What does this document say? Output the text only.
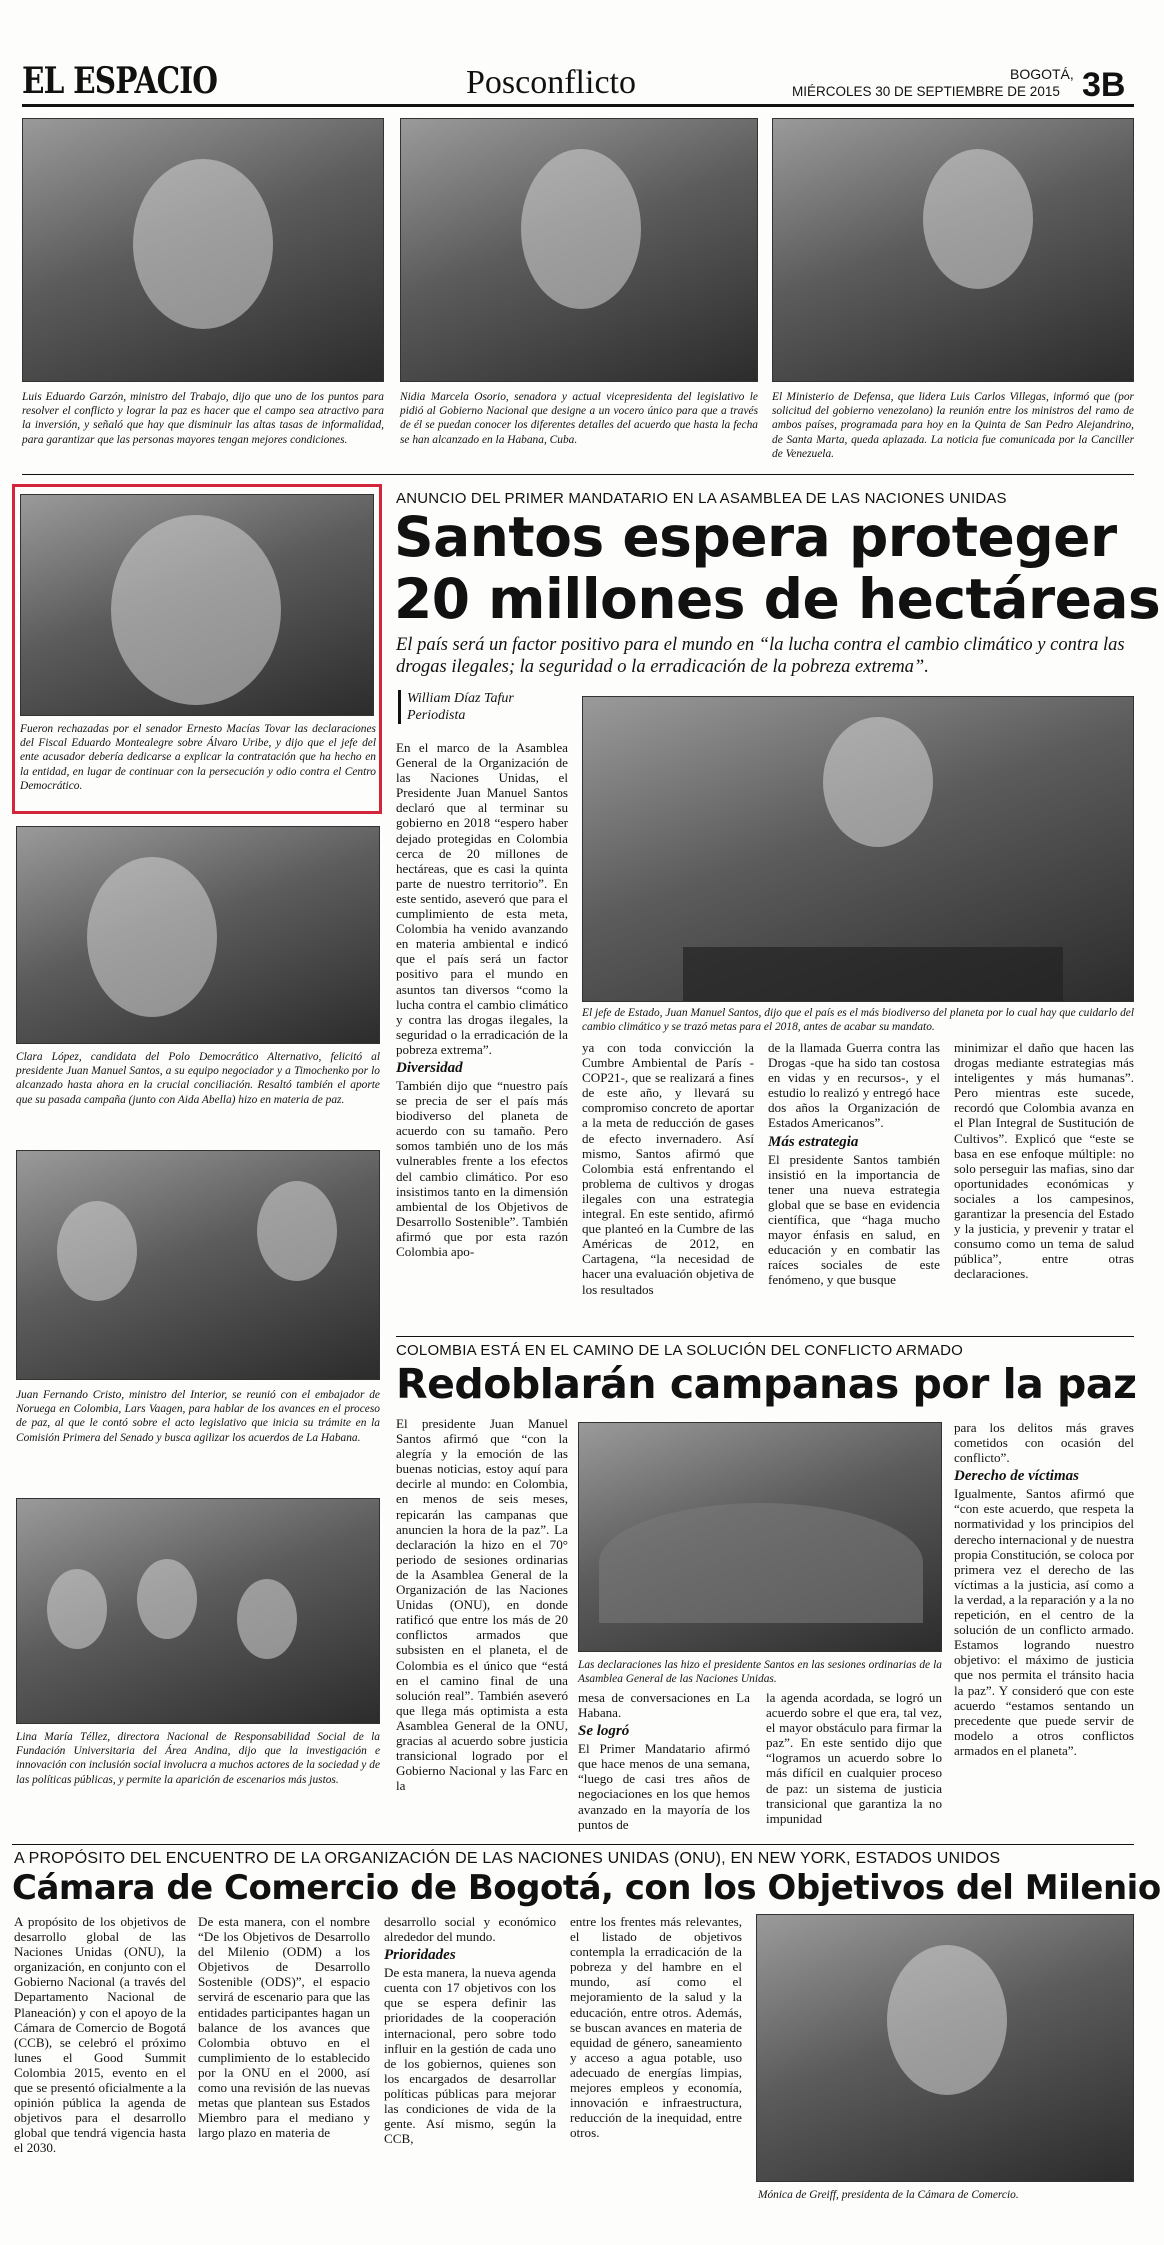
EL ESPACIO	Posconflicto	BOGOTÁ,
MIÉRCOLES 30 DE SEPTIEMBRE DE 2015 3B
Luis Eduardo Garzón, ministro del Trabajo, dijo que uno de los puntos para resolver el conflicto y lograr la paz es hacer que el campo sea atractivo para la inversión, y señaló que hay que disminuir las altas tasas de informalidad, para garantizar que las personas mayores tengan mejores condiciones.
Nidia Marcela Osorio, senadora y actual vicepresidenta del legislativo le pidió al Gobierno Nacional que designe a un vocero único para que a través de él se puedan conocer los diferentes detalles del acuerdo que hasta la fecha se han alcanzado en la Habana, Cuba.
El Ministerio de Defensa, que lidera Luis Carlos Villegas, informó que (por solicitud del gobierno venezolano) la reunión entre los ministros del ramo de ambos países, programada para hoy en la Quinta de San Pedro Alejandrino, de Santa Marta, queda aplazada. La noticia fue comunicada por la Canciller de Venezuela.
Fueron rechazadas por el senador Ernesto Macías Tovar las declaraciones del Fiscal Eduardo Montealegre sobre Álvaro Uribe, y dijo que el jefe del ente acusador debería dedicarse a explicar la contratación que ha hecho en la entidad, en lugar de continuar con la persecución y odio contra el Centro Democrático.
Clara López, candidata del Polo Democrático Alternativo, felicitó al presidente Juan Manuel Santos, a su equipo negociador y a Timochenko por lo alcanzado hasta ahora en la crucial conciliación. Resaltó también el aporte que su pasada campaña (junto con Aida Abella) hizo en materia de paz.
Juan Fernando Cristo, ministro del Interior, se reunió con el embajador de Noruega en Colombia, Lars Vaagen, para hablar de los avances en el proceso de paz, al que le contó sobre el acto legislativo que inicia su trámite en la Comisión Primera del Senado y busca agilizar los acuerdos de La Habana.
Lina María Téllez, directora Nacional de Responsabilidad Social de la Fundación Universitaria del Área Andina, dijo que la investigación e innovación con inclusión social involucra a muchos actores de la sociedad y de las políticas públicas, y permite la aparición de escenarios más justos.
ANUNCIO DEL PRIMER MANDATARIO EN LA ASAMBLEA DE LAS NACIONES UNIDAS
Santos espera proteger
20 millones de hectáreas
El país será un factor positivo para el mundo en “la lucha contra el cambio climático y contra las drogas ilegales; la seguridad o la erradicación de la pobreza extrema”.
William Díaz Tafur
Periodista

En el marco de la Asamblea General de la Organización de las Naciones Unidas, el Presidente Juan Manuel Santos declaró que al terminar su gobierno en 2018 “espero haber dejado protegidas en Colombia cerca de 20 millones de hectáreas, que es casi la quinta parte de nuestro territorio”. En este sentido, aseveró que para el cumplimiento de esta meta, Colombia ha venido avanzando en materia ambiental e indicó que el país será un factor positivo para el mundo en asuntos tan diversos “como la lucha contra el cambio climático y contra las drogas ilegales, la seguridad o la erradicación de la pobreza extrema”.

Diversidad

También dijo que “nuestro país se precia de ser el país más biodiverso del planeta de acuerdo con su tamaño. Pero somos también uno de los más vulnerables frente a los efectos del cambio climático. Por eso insistimos tanto en la dimensión ambiental de los Objetivos de Desarrollo Sostenible”. También afirmó que por esta razón Colombia apo-

El jefe de Estado, Juan Manuel Santos, dijo que el país es el más biodiverso del planeta por lo cual hay que cuidarlo del cambio climático y se trazó metas para el 2018, antes de acabar su mandato.

ya con toda convicción la Cumbre Ambiental de París -COP21-, que se realizará a fines de este año, y llevará su compromiso concreto de aportar a la meta de reducción de gases de efecto invernadero. Así mismo, Santos afirmó que Colombia está enfrentando el problema de cultivos y drogas ilegales con una estrategia integral. En este sentido, afirmó que planteó en la Cumbre de las Américas de 2012, en Cartagena, “la necesidad de hacer una evaluación objetiva de los resultados

de la llamada Guerra contra las Drogas -que ha sido tan costosa en vidas y en recursos-, y el estudio lo realizó y entregó hace dos años la Organización de Estados Americanos”.

Más estrategia

El presidente Santos también insistió en la importancia de tener una nueva estrategia global que se base en evidencia científica, que “haga mucho mayor énfasis en salud, en educación y en combatir las raíces sociales de este fenómeno, y que busque

minimizar el daño que hacen las drogas mediante estrategias más inteligentes y más humanas”. Pero mientras este sucede, recordó que Colombia avanza en el Plan Integral de Sustitución de Cultivos”. Explicó que “este se basa en ese enfoque múltiple: no solo perseguir las mafias, sino dar oportunidades económicas y sociales a los campesinos, garantizar la presencia del Estado y la justicia, y prevenir y tratar el consumo como un tema de salud pública”, entre otras declaraciones.

COLOMBIA ESTÁ EN EL CAMINO DE LA SOLUCIÓN DEL CONFLICTO ARMADO
Redoblarán campanas por la paz

El presidente Juan Manuel Santos afirmó que “con la alegría y la emoción de las buenas noticias, estoy aquí para decirle al mundo: en Colombia, en menos de seis meses, repicarán las campanas que anuncien la hora de la paz”. La declaración la hizo en el 70° periodo de sesiones ordinarias de la Asamblea General de la Organización de las Naciones Unidas (ONU), en donde ratificó que entre los más de 20 conflictos armados que subsisten en el planeta, el de Colombia es el único que “está en el camino final de una solución real”. También aseveró que llega más optimista a esta Asamblea General de la ONU, gracias al acuerdo sobre justicia transicional logrado por el Gobierno Nacional y las Farc en la

Las declaraciones las hizo el presidente Santos en las sesiones ordinarias de la Asamblea General de las Naciones Unidas.

mesa de conversaciones en La Habana.

Se logró

El Primer Mandatario afirmó que hace menos de una semana, “luego de casi tres años de negociaciones en los que hemos avanzado en la mayoría de los puntos de

la agenda acordada, se logró un acuerdo sobre el que era, tal vez, el mayor obstáculo para firmar la paz”. En este sentido dijo que “logramos un acuerdo sobre lo más difícil en cualquier proceso de paz: un sistema de justicia transicional que garantiza la no impunidad

para los delitos más graves cometidos con ocasión del conflicto”.

Derecho de víctimas

Igualmente, Santos afirmó que “con este acuerdo, que respeta la normatividad y los principios del derecho internacional y de nuestra propia Constitución, se coloca por primera vez el derecho de las víctimas a la justicia, así como a la verdad, a la reparación y a la no repetición, en el centro de la solución de un conflicto armado. Estamos logrando nuestro objetivo: el máximo de justicia que nos permita el tránsito hacia la paz”. Y consideró que con este acuerdo “estamos sentando un precedente que puede servir de modelo a otros conflictos armados en el planeta”.

A PROPÓSITO DEL ENCUENTRO DE LA ORGANIZACIÓN DE LAS NACIONES UNIDAS (ONU), EN NEW YORK, ESTADOS UNIDOS
Cámara de Comercio de Bogotá, con los Objetivos del Milenio

A propósito de los objetivos de desarrollo global de las Naciones Unidas (ONU), la organización, en conjunto con el Gobierno Nacional (a través del Departamento Nacional de Planeación) y con el apoyo de la Cámara de Comercio de Bogotá (CCB), se celebró el próximo lunes el Good Summit Colombia 2015, evento en el que se presentó oficialmente a la opinión pública la agenda de objetivos para el desarrollo global que tendrá vigencia hasta el 2030.

De esta manera, con el nombre “De los Objetivos de Desarrollo del Milenio (ODM) a los Objetivos de Desarrollo Sostenible (ODS)”, el espacio servirá de escenario para que las entidades participantes hagan un balance de los avances que Colombia obtuvo en el cumplimiento de lo establecido por la ONU en el 2000, así como una revisión de las nuevas metas que plantean sus Estados Miembro para el mediano y largo plazo en materia de

desarrollo social y económico alrededor del mundo.

Prioridades

De esta manera, la nueva agenda cuenta con 17 objetivos con los que se espera definir las prioridades de la cooperación internacional, pero sobre todo influir en la gestión de cada uno de los gobiernos, quienes son los encargados de desarrollar políticas públicas para mejorar las condiciones de vida de la gente. Así mismo, según la CCB,

entre los frentes más relevantes, el listado de objetivos contempla la erradicación de la pobreza y del hambre en el mundo, así como el mejoramiento de la salud y la educación, entre otros. Además, se buscan avances en materia de equidad de género, saneamiento y acceso a agua potable, uso adecuado de energías limpias, mejores empleos y economía, innovación e infraestructura, reducción de la inequidad, entre otros.

Mónica de Greiff, presidenta de la Cámara de Comercio.
